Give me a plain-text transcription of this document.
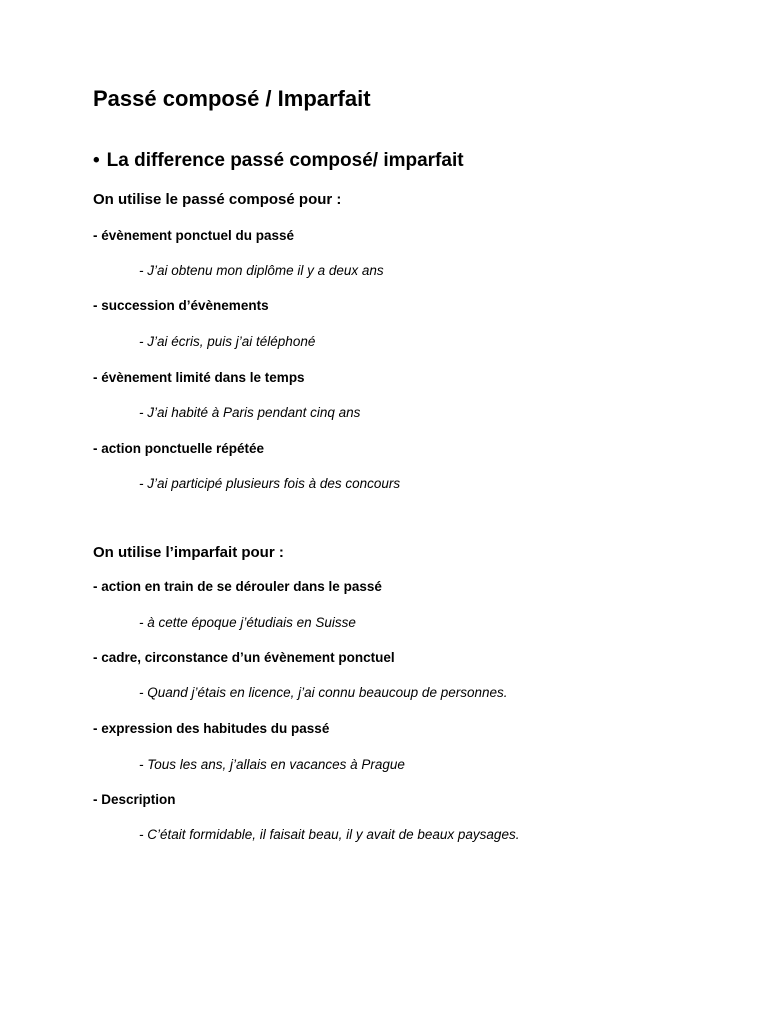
Passé composé / Imparfait
• La difference passé composé/ imparfait
On utilise le passé composé pour :
- évènement ponctuel du passé
- J’ai obtenu mon diplôme il y a deux ans
- succession d’évènements
- J’ai écris, puis j’ai téléphoné
- évènement limité dans le temps
- J’ai habité à Paris pendant cinq ans
- action ponctuelle répétée
- J’ai participé plusieurs fois à des concours
On utilise l’imparfait pour :
- action en train de se dérouler dans le passé
- à cette époque j’étudiais en Suisse
- cadre, circonstance d’un évènement ponctuel
- Quand j’étais en licence, j’ai connu beaucoup de personnes.
- expression des habitudes du passé
- Tous les ans, j’allais en vacances à Prague
- Description
- C’était formidable, il faisait beau, il y avait de beaux paysages.
